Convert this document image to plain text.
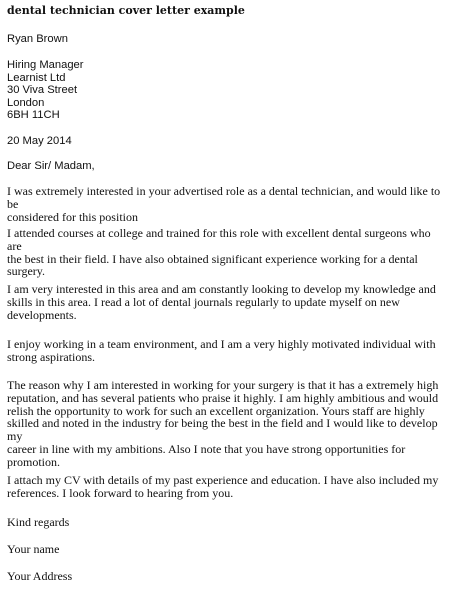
dental technician cover letter example
Ryan Brown
Hiring Manager
Learnist Ltd
30 Viva Street
London
6BH 11CH
20 May 2014
Dear Sir/ Madam,
I was extremely interested in your advertised role as a dental technician, and would like to be
considered for this position
I attended courses at college and trained for this role with excellent dental surgeons who are
the best in their field. I have also obtained significant experience working for a dental
surgery.
I am very interested in this area and am constantly looking to develop my knowledge and
skills in this area. I read a lot of dental journals regularly to update myself on new
developments.
I enjoy working in a team environment, and I am a very highly motivated individual with
strong aspirations.
The reason why I am interested in working for your surgery is that it has a extremely high
reputation, and has several patients who praise it highly. I am highly ambitious and would
relish the opportunity to work for such an excellent organization. Yours staff are highly
skilled and noted in the industry for being the best in the field and I would like to develop my
career in line with my ambitions. Also I note that you have strong opportunities for
promotion.
I attach my CV with details of my past experience and education. I have also included my
references. I look forward to hearing from you.
Kind regards
Your name
Your Address
